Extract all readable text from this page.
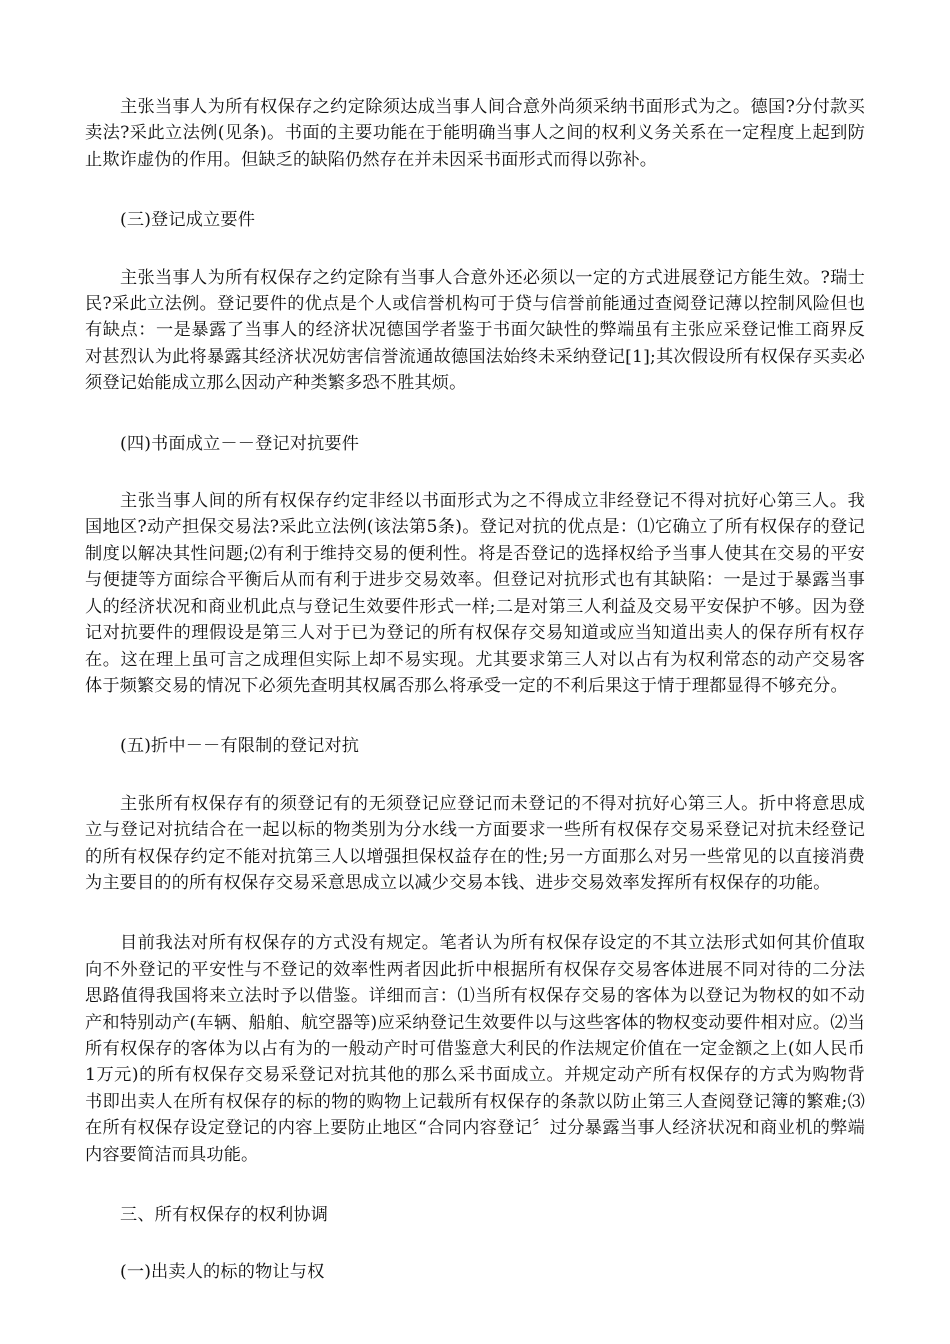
主张当事人为所有权保存之约定除须达成当事人间合意外尚须采纳书面形式为之。德国?分付款买卖法?采此立法例(见条)。书面的主要功能在于能明确当事人之间的权利义务关系在一定程度上起到防止欺诈虚伪的作用。但缺乏的缺陷仍然存在并未因采书面形式而得以弥补。

(三)登记成立要件

主张当事人为所有权保存之约定除有当事人合意外还必须以一定的方式进展登记方能生效。?瑞士民?采此立法例。登记要件的优点是个人或信誉机构可于贷与信誉前能通过查阅登记薄以控制风险但也有缺点：一是暴露了当事人的经济状况德国学者鉴于书面欠缺性的弊端虽有主张应采登记惟工商界反对甚烈认为此将暴露其经济状况妨害信誉流通故德国法始终未采纳登记[1];其次假设所有权保存买卖必须登记始能成立那么因动产种类繁多恐不胜其烦。

(四)书面成立－－登记对抗要件

主张当事人间的所有权保存约定非经以书面形式为之不得成立非经登记不得对抗好心第三人。我国地区?动产担保交易法?采此立法例(该法第5条)。登记对抗的优点是：⑴它确立了所有权保存的登记制度以解决其性问题;⑵有利于维持交易的便利性。将是否登记的选择权给予当事人使其在交易的平安与便捷等方面综合平衡后从而有利于进步交易效率。但登记对抗形式也有其缺陷：一是过于暴露当事人的经济状况和商业机此点与登记生效要件形式一样;二是对第三人利益及交易平安保护不够。因为登记对抗要件的理假设是第三人对于已为登记的所有权保存交易知道或应当知道出卖人的保存所有权存在。这在理上虽可言之成理但实际上却不易实现。尤其要求第三人对以占有为权利常态的动产交易客体于频繁交易的情况下必须先查明其权属否那么将承受一定的不利后果这于情于理都显得不够充分。

(五)折中－－有限制的登记对抗

主张所有权保存有的须登记有的无须登记应登记而未登记的不得对抗好心第三人。折中将意思成立与登记对抗结合在一起以标的物类别为分水线一方面要求一些所有权保存交易采登记对抗未经登记的所有权保存约定不能对抗第三人以增强担保权益存在的性;另一方面那么对另一些常见的以直接消费为主要目的的所有权保存交易采意思成立以减少交易本钱、进步交易效率发挥所有权保存的功能。

目前我法对所有权保存的方式没有规定。笔者认为所有权保存设定的不其立法形式如何其价值取向不外登记的平安性与不登记的效率性两者因此折中根据所有权保存交易客体进展不同对待的二分法思路值得我国将来立法时予以借鉴。详细而言：⑴当所有权保存交易的客体为以登记为物权的如不动产和特别动产(车辆、船舶、航空器等)应采纳登记生效要件以与这些客体的物权变动要件相对应。⑵当所有权保存的客体为以占有为的一般动产时可借鉴意大利民的作法规定价值在一定金额之上(如人民币1万元)的所有权保存交易采登记对抗其他的那么采书面成立。并规定动产所有权保存的方式为购物背书即出卖人在所有权保存的标的物的购物上记载所有权保存的条款以防止第三人查阅登记簿的繁难;⑶在所有权保存设定登记的内容上要防止地区“合同内容登记〞过分暴露当事人经济状况和商业机的弊端内容要简洁而具功能。

三、所有权保存的权利协调

(一)出卖人的标的物让与权
